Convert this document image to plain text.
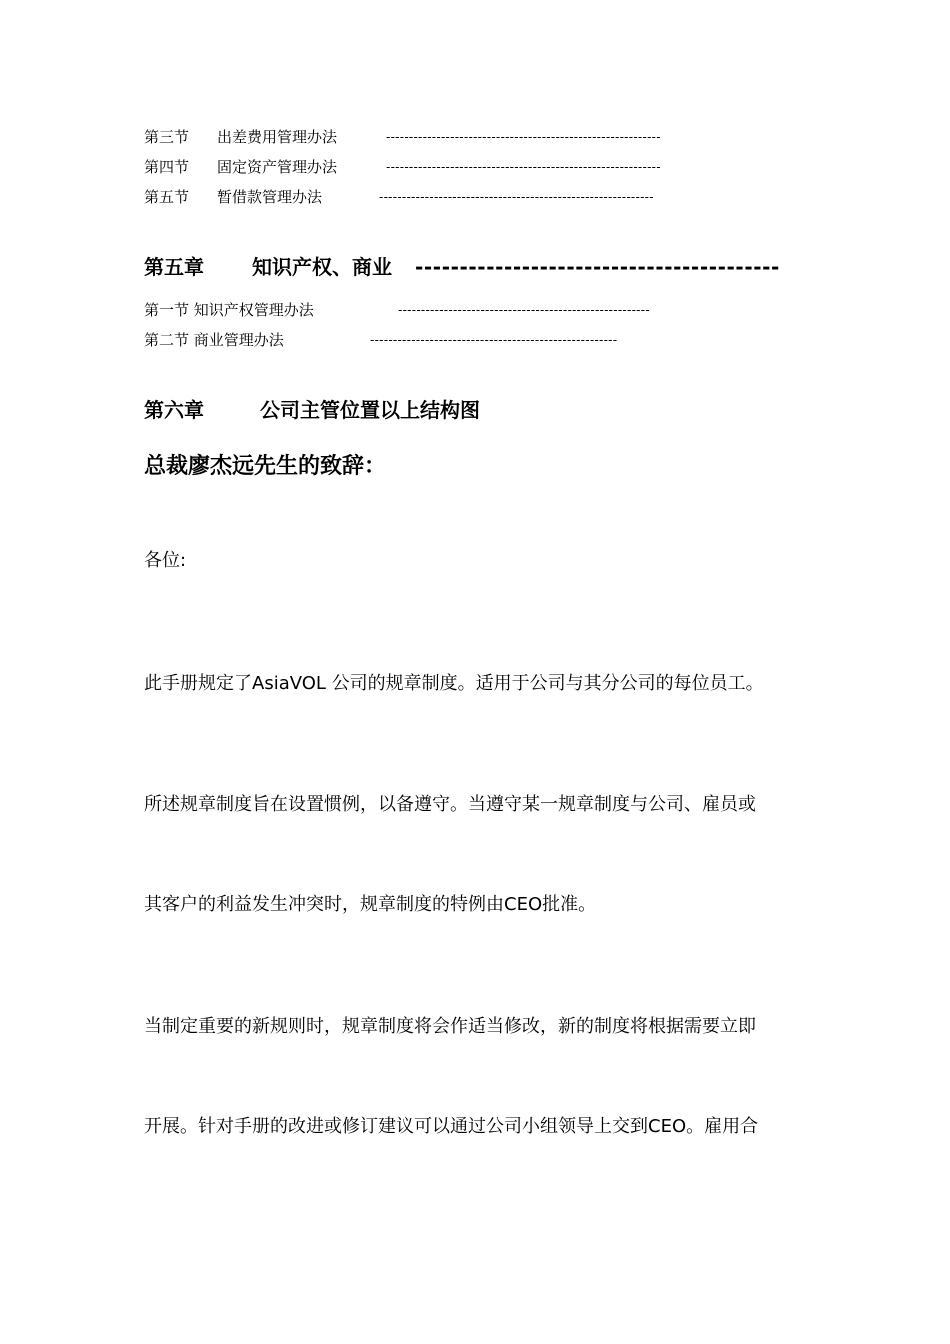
第三节 出差费用管理办法	------------------------------------------------------------
第四节 固定资产管理办法	------------------------------------------------------------
第五节 暂借款管理办法	------------------------------------------------------------
第五章 知识产权、商业 -----------------------------------------
第一节 知识产权管理办法	-------------------------------------------------------
第二节 商业管理办法	------------------------------------------------------
第六章	公司主管位置以上结构图
总裁廖杰远先生的致辞：
各位:
此手册规定了AsiaVOL 公司的规章制度。适用于公司与其分公司的每位员工。
所述规章制度旨在设置惯例，以备遵守。当遵守某一规章制度与公司、雇员或
其客户的利益发生冲突时，规章制度的特例由CEO批准。
当制定重要的新规则时，规章制度将会作适当修改，新的制度将根据需要立即
开展。针对手册的改进或修订建议可以通过公司小组领导上交到CEO。雇用合
